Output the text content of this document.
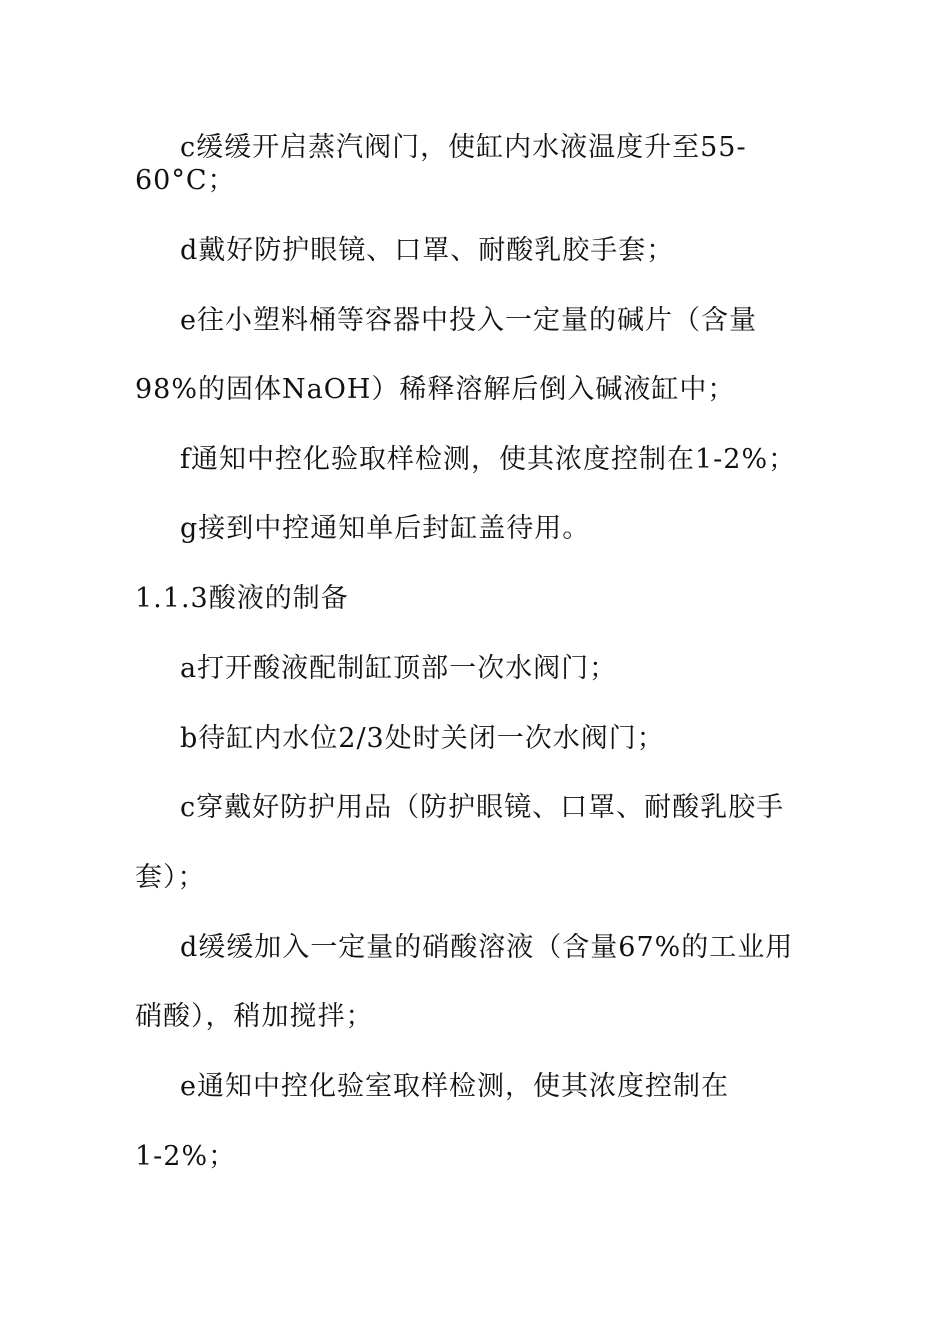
c缓缓开启蒸汽阀门，使缸内水液温度升至55-
60°C；
d戴好防护眼镜、口罩、耐酸乳胶手套；
e往小塑料桶等容器中投入一定量的碱片（含量
98%的固体NaOH）稀释溶解后倒入碱液缸中；
f通知中控化验取样检测，使其浓度控制在1-2%；
g接到中控通知单后封缸盖待用。
1.1.3酸液的制备
a打开酸液配制缸顶部一次水阀门；
b待缸内水位2/3处时关闭一次水阀门；
c穿戴好防护用品（防护眼镜、口罩、耐酸乳胶手
套）；
d缓缓加入一定量的硝酸溶液（含量67%的工业用
硝酸），稍加搅拌；
e通知中控化验室取样检测，使其浓度控制在
1-2%；
